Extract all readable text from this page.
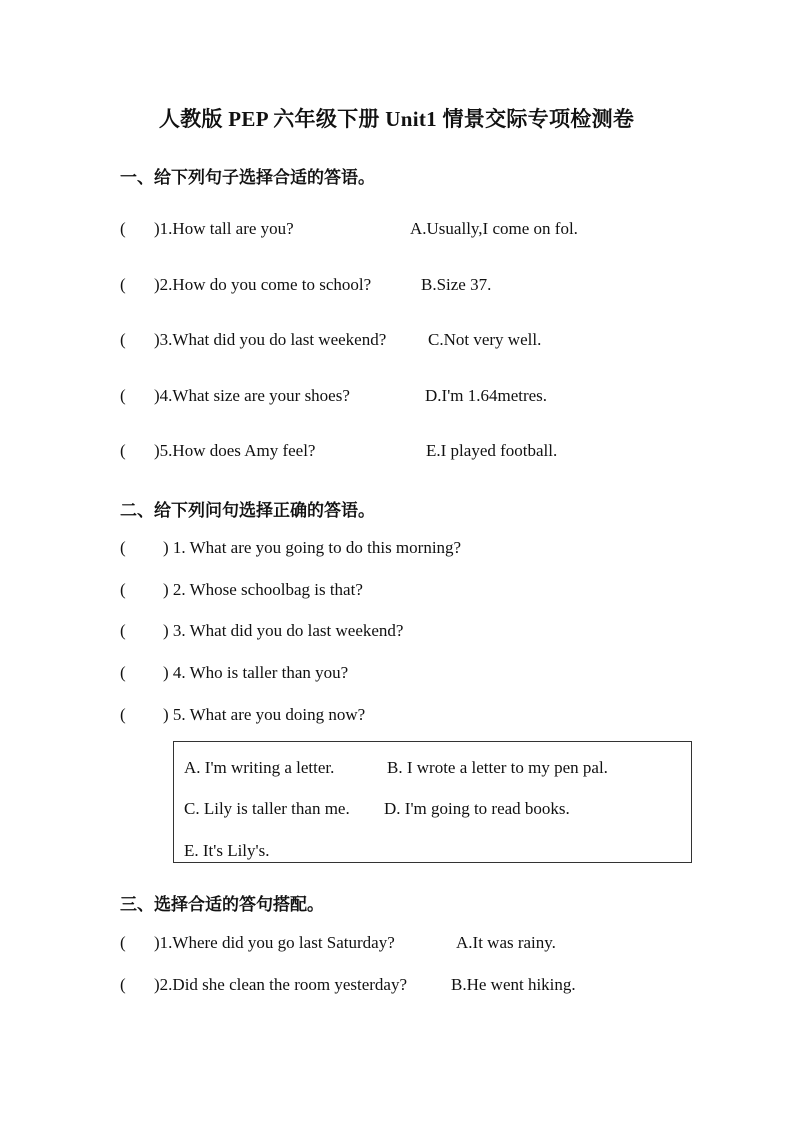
人教版 PEP 六年级下册 Unit1 情景交际专项检测卷
一、给下列句子选择合适的答语。
( )1.How tall are you?	A.Usually,I come on fol.
( )2.How do you come to school?	B.Size 37.
( )3.What did you do last weekend? C.Not very well.
( )4.What size are your shoes?	D.I'm 1.64metres.
( )5.How does Amy feel?	E.I played football.
二、给下列问句选择正确的答语。
( ) 1. What are you going to do this morning?
( ) 2. Whose schoolbag is that?
( ) 3. What did you do last weekend?
( ) 4. Who is taller than you?
( ) 5. What are you doing now?
A. I'm writing a letter.	B. I wrote a letter to my pen pal.
C. Lily is taller than me. D. I'm going to read books.
E. It's Lily's.
三、选择合适的答句搭配。
( )1.Where did you go last Saturday?	A.It was rainy.
( )2.Did she clean the room yesterday?	B.He went hiking.
